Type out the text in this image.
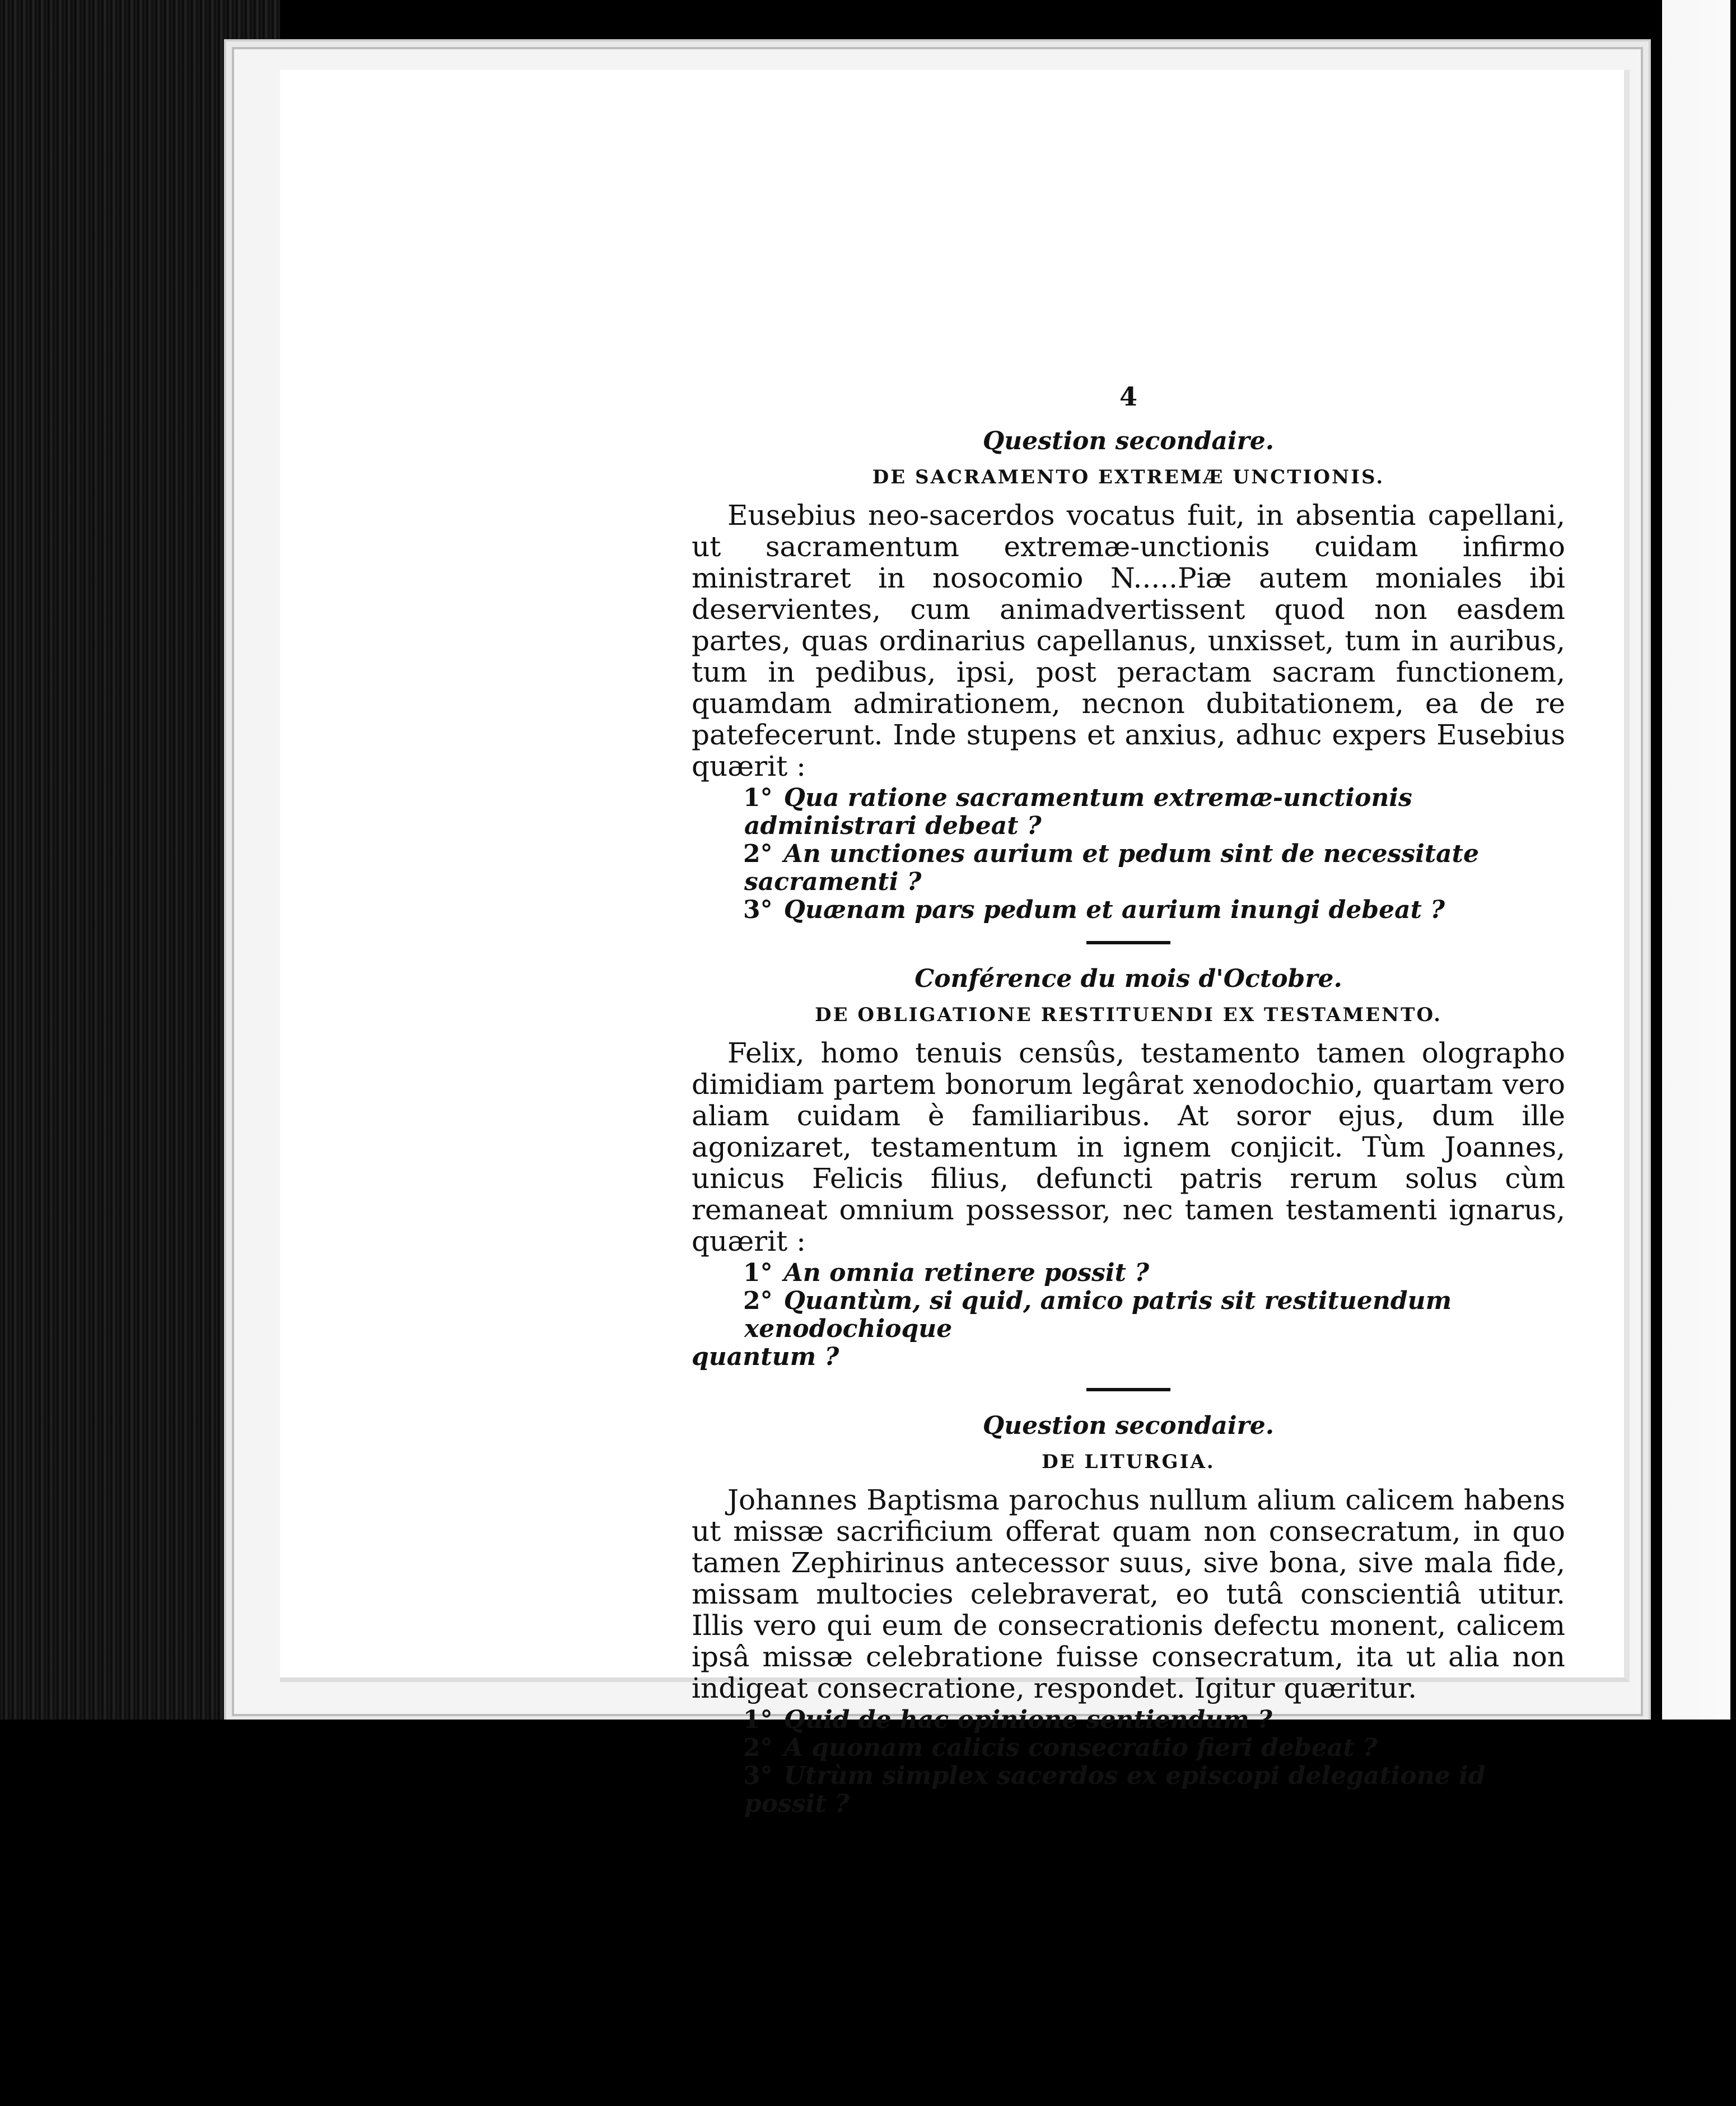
4
Question secondaire.
DE SACRAMENTO EXTREMÆ UNCTIONIS.

Eusebius neo-sacerdos vocatus fuit, in absentia capellani, ut sacramentum extremæ-unctionis cuidam infirmo ministraret in nosocomio N.....Piæ autem moniales ibi deservientes, cum animadvertissent quod non easdem partes, quas ordinarius capellanus, unxisset, tum in auribus, tum in pedibus, ipsi, post peractam sacram functionem, quamdam admirationem, necnon dubitationem, ea de re patefecerunt. Inde stupens et anxius, adhuc expers Eusebius quærit :

1° Qua ratione sacramentum extremæ-unctionis administrari debeat ?
2° An unctiones aurium et pedum sint de necessitate sacramenti ?
3° Quænam pars pedum et aurium inungi debeat ?
Conférence du mois d'Octobre.
DE OBLIGATIONE RESTITUENDI EX TESTAMENTO.

Felix, homo tenuis censûs, testamento tamen olographo dimidiam partem bonorum legârat xenodochio, quartam vero aliam cuidam è familiaribus. At soror ejus, dum ille agonizaret, testamentum in ignem conjicit. Tùm Joannes, unicus Felicis filius, defuncti patris rerum solus cùm remaneat omnium possessor, nec tamen testamenti ignarus, quærit :

1° An omnia retinere possit ?
2° Quantùm, si quid, amico patris sit restituendum xenodochioque
quantum ?
Question secondaire.
DE LITURGIA.

Johannes Baptisma parochus nullum alium calicem habens ut missæ sacrificium offerat quam non consecratum, in quo tamen Zephirinus antecessor suus, sive bona, sive mala fide, missam multocies celebraverat, eo tutâ conscientiâ utitur. Illis vero qui eum de consecrationis defectu monent, calicem ipsâ missæ celebratione fuisse consecratum, ita ut alia non indigeat consecratione, respondet. Igitur quæritur.

1° Quid de hac opinione sentiendum ?
2° A quonam calicis consecratio fieri debeat ?
3° Utrùm simplex sacerdos ex episcopi delegatione id possit ?
